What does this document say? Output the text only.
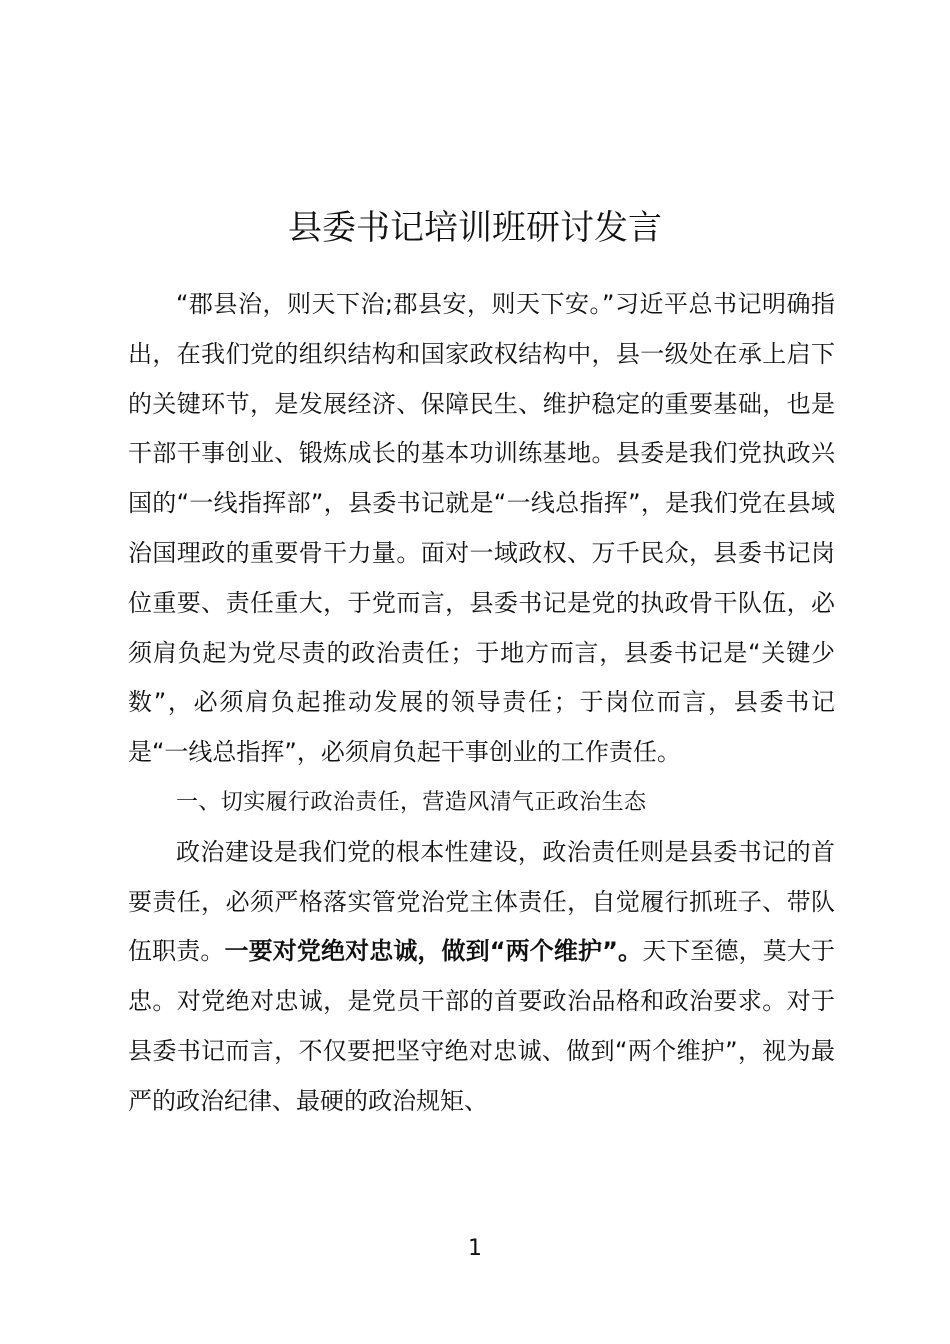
县委书记培训班研讨发言

“郡县治，则天下治;郡县安，则天下安。”习近平总书记明确指出，在我们党的组织结构和国家政权结构中，县一级处在承上启下的关键环节，是发展经济、保障民生、维护稳定的重要基础，也是干部干事创业、锻炼成长的基本功训练基地。县委是我们党执政兴国的“一线指挥部”，县委书记就是“一线总指挥”，是我们党在县域治国理政的重要骨干力量。面对一域政权、万千民众，县委书记岗位重要、责任重大，于党而言，县委书记是党的执政骨干队伍，必须肩负起为党尽责的政治责任；于地方而言，县委书记是“关键少数”，必须肩负起推动发展的领导责任；于岗位而言，县委书记是“一线总指挥”，必须肩负起干事创业的工作责任。

一、切实履行政治责任，营造风清气正政治生态

政治建设是我们党的根本性建设，政治责任则是县委书记的首要责任，必须严格落实管党治党主体责任，自觉履行抓班子、带队伍职责。一要对党绝对忠诚，做到“两个维护”。天下至德，莫大于忠。对党绝对忠诚，是党员干部的首要政治品格和政治要求。对于县委书记而言，不仅要把坚守绝对忠诚、做到“两个维护”，视为最严的政治纪律、最硬的政治规矩、

1
